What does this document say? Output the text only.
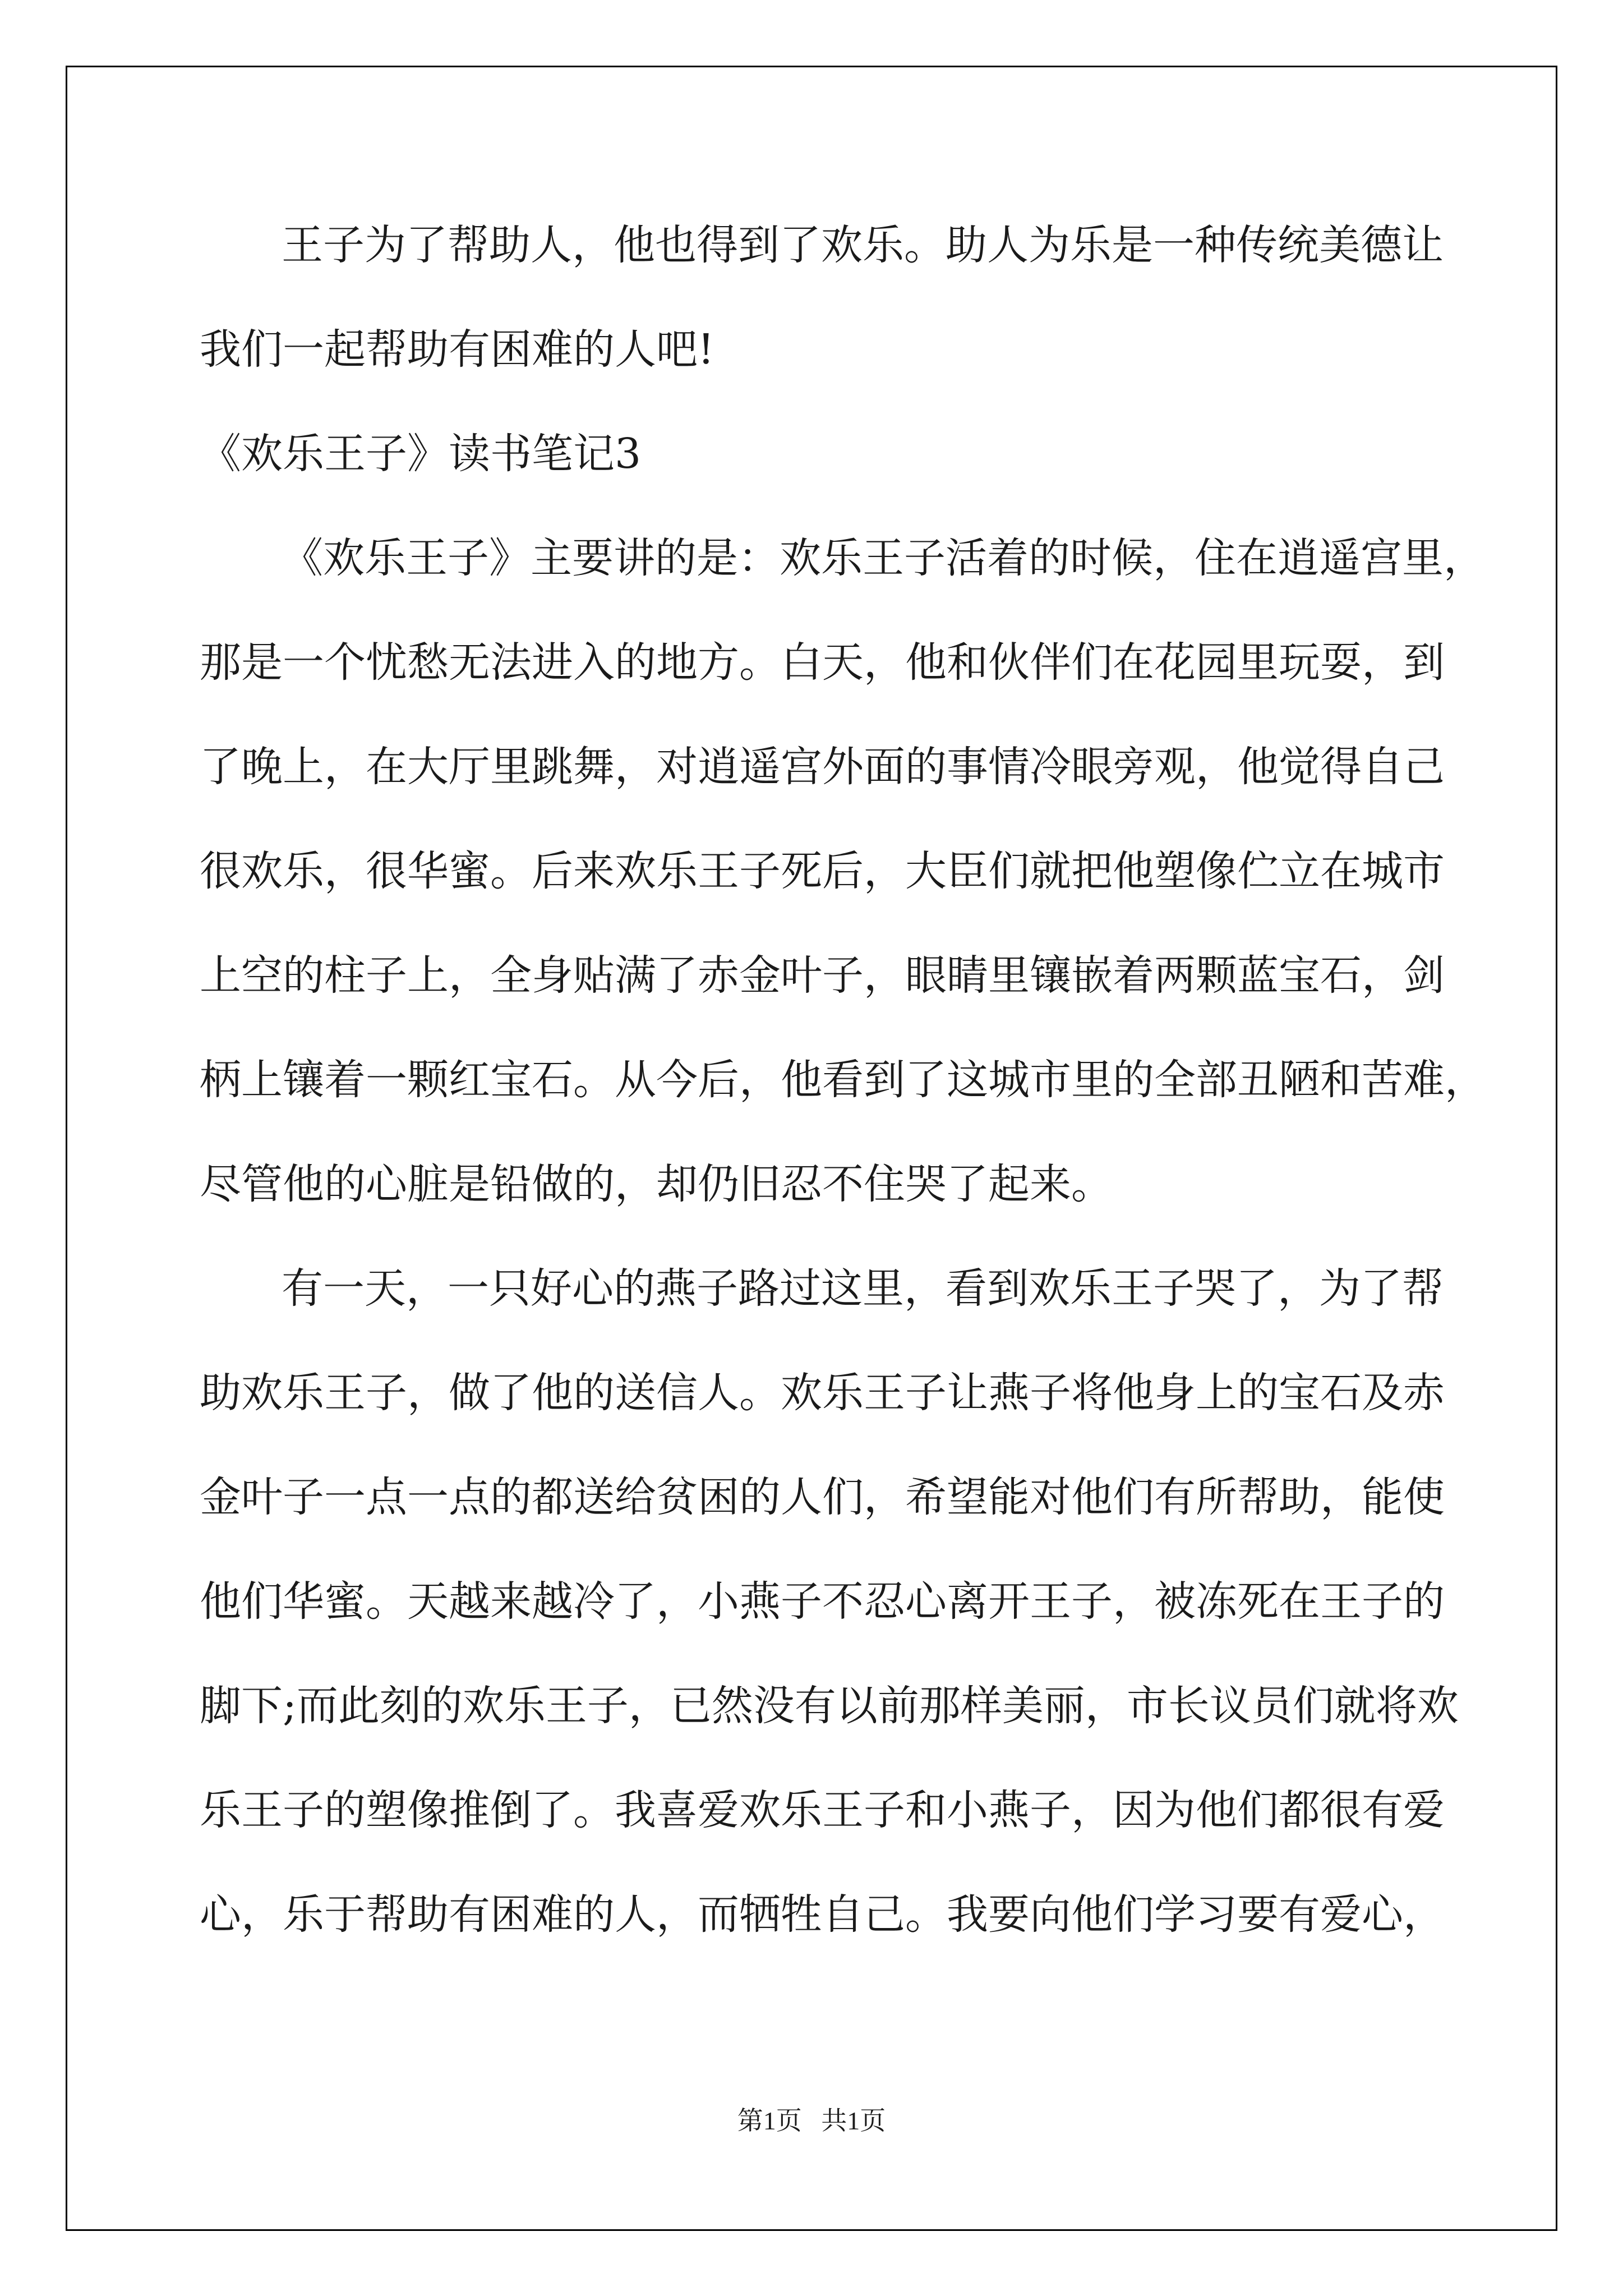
王子为了帮助人，他也得到了欢乐。助人为乐是一种传统美德让
我们一起帮助有困难的人吧!
《欢乐王子》读书笔记3
《欢乐王子》主要讲的是：欢乐王子活着的时候，住在逍遥宫里，
那是一个忧愁无法进入的地方。白天，他和伙伴们在花园里玩耍，到
了晚上，在大厅里跳舞，对逍遥宫外面的事情冷眼旁观，他觉得自己
很欢乐，很华蜜。后来欢乐王子死后，大臣们就把他塑像伫立在城市
上空的柱子上，全身贴满了赤金叶子，眼睛里镶嵌着两颗蓝宝石，剑
柄上镶着一颗红宝石。从今后，他看到了这城市里的全部丑陋和苦难，
尽管他的心脏是铅做的，却仍旧忍不住哭了起来。
有一天，一只好心的燕子路过这里，看到欢乐王子哭了，为了帮
助欢乐王子，做了他的送信人。欢乐王子让燕子将他身上的宝石及赤
金叶子一点一点的都送给贫困的人们，希望能对他们有所帮助，能使
他们华蜜。天越来越冷了，小燕子不忍心离开王子，被冻死在王子的
脚下;而此刻的欢乐王子，已然没有以前那样美丽，市长议员们就将欢
乐王子的塑像推倒了。我喜爱欢乐王子和小燕子，因为他们都很有爱
心，乐于帮助有困难的人，而牺牲自己。我要向他们学习要有爱心，
第1页   共1页
